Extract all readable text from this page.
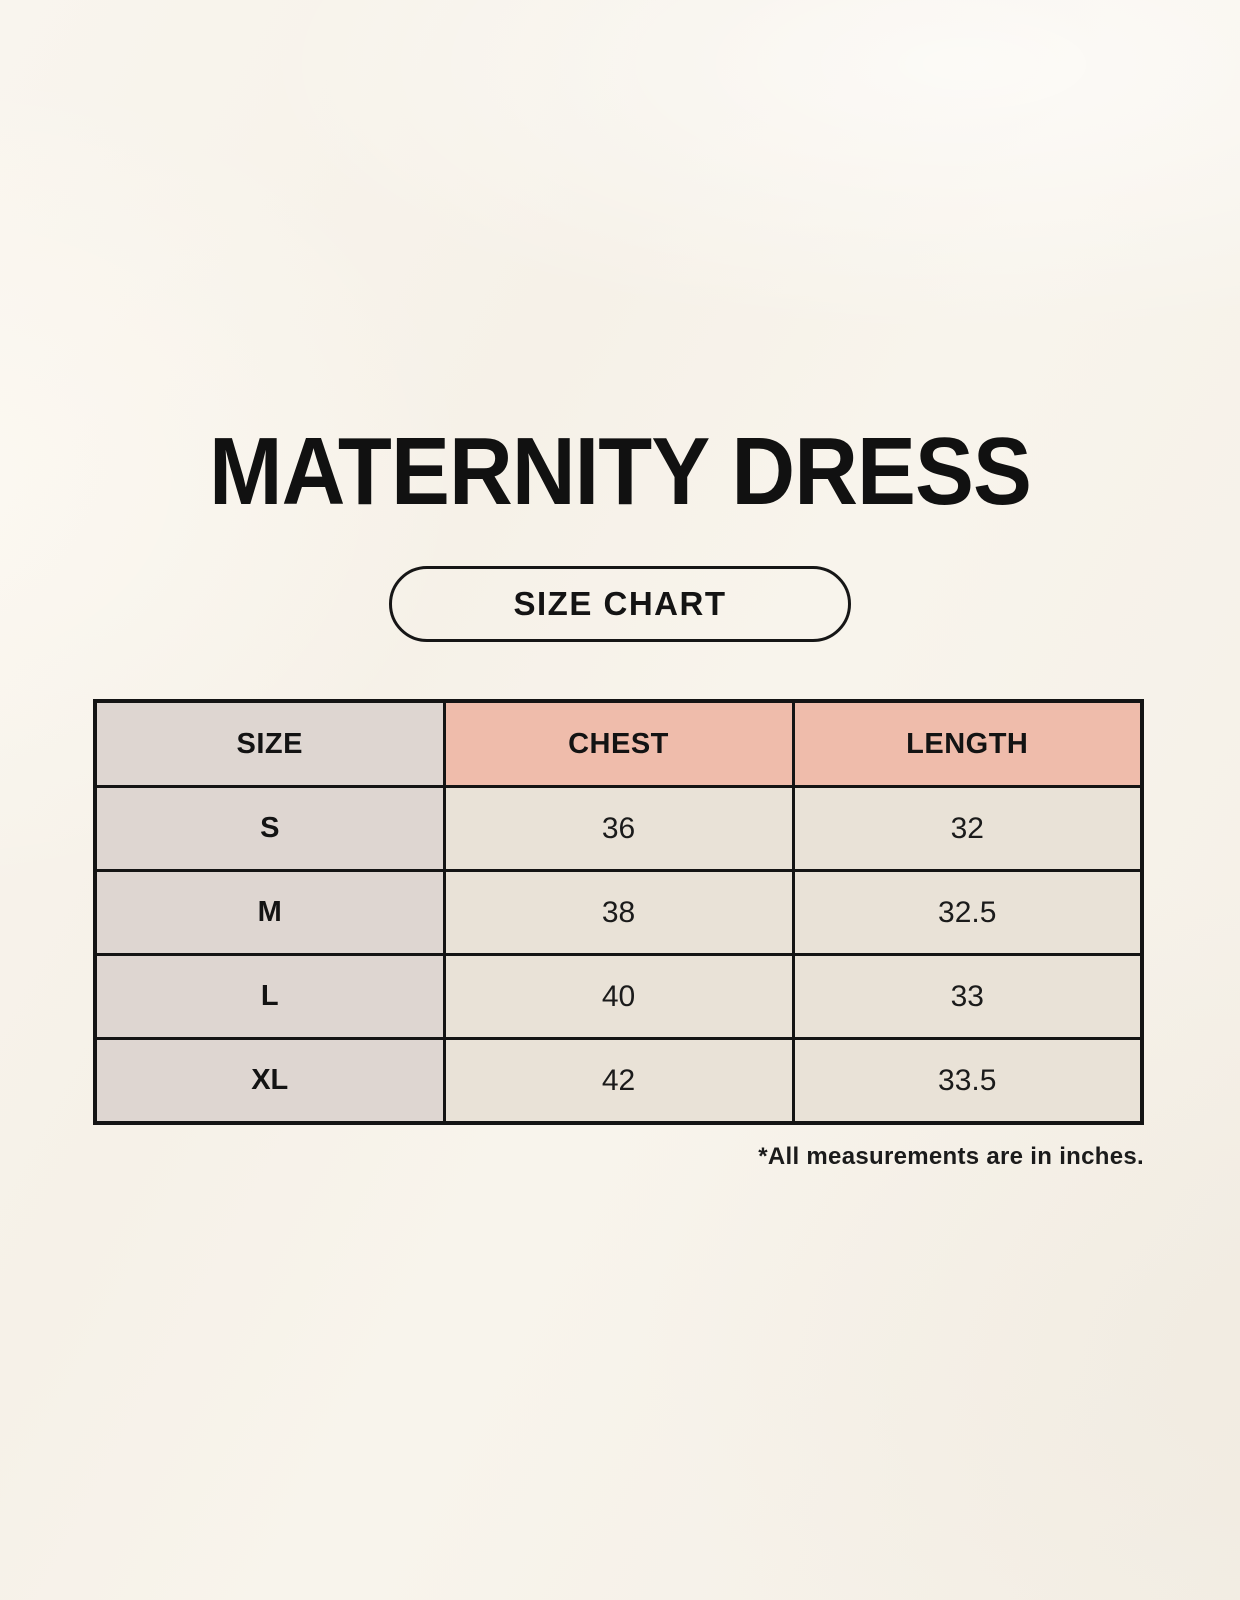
MATERNITY DRESS
SIZE CHART
SIZE	CHEST	LENGTH
S	36	32
M	38	32.5
L	40	33
XL	42	33.5
*All measurements are in inches.
